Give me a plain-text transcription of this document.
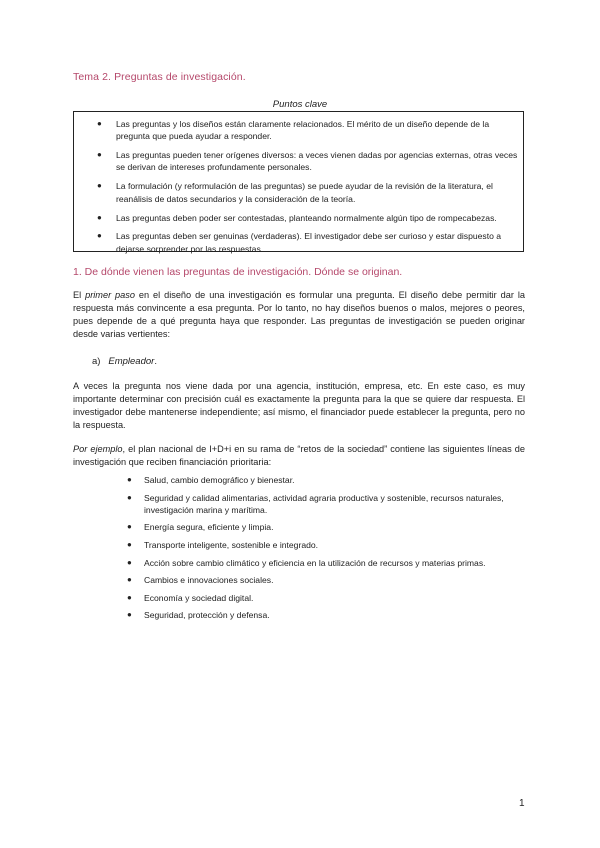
Tema 2. Preguntas de investigación.
Puntos clave
● Las preguntas y los diseños están claramente relacionados. El mérito de un diseño depende de la pregunta que pueda ayudar a responder.
● Las preguntas pueden tener orígenes diversos: a veces vienen dadas por agencias externas, otras veces se derivan de intereses profundamente personales.
● La formulación (y reformulación de las preguntas) se puede ayudar de la revisión de la literatura, el reanálisis de datos secundarios y la consideración de la teoría.
● Las preguntas deben poder ser contestadas, planteando normalmente algún tipo de rompecabezas.
● Las preguntas deben ser genuinas (verdaderas). El investigador debe ser curioso y estar dispuesto a dejarse sorprender por las respuestas.
1. De dónde vienen las preguntas de investigación. Dónde se originan.

El primer paso en el diseño de una investigación es formular una pregunta. El diseño debe permitir dar la respuesta más convincente a esa pregunta. Por lo tanto, no hay diseños buenos o malos, mejores o peores, pues depende de a qué pregunta haya que responder. Las preguntas de investigación se pueden originar desde varias vertientes:

a) Empleador.

A veces la pregunta nos viene dada por una agencia, institución, empresa, etc. En este caso, es muy importante determinar con precisión cuál es exactamente la pregunta para la que se quiere dar respuesta. El investigador debe mantenerse independiente; así mismo, el financiador puede establecer la pregunta, pero no la respuesta.

Por ejemplo, el plan nacional de I+D+i en su rama de “retos de la sociedad” contiene las siguientes líneas de investigación que reciben financiación prioritaria:

● Salud, cambio demográfico y bienestar.
● Seguridad y calidad alimentarias, actividad agraria productiva y sostenible, recursos naturales, investigación marina y marítima.
● Energía segura, eficiente y limpia.
● Transporte inteligente, sostenible e integrado.
● Acción sobre cambio climático y eficiencia en la utilización de recursos y materias primas.
● Cambios e innovaciones sociales.
● Economía y sociedad digital.
● Seguridad, protección y defensa.
1
